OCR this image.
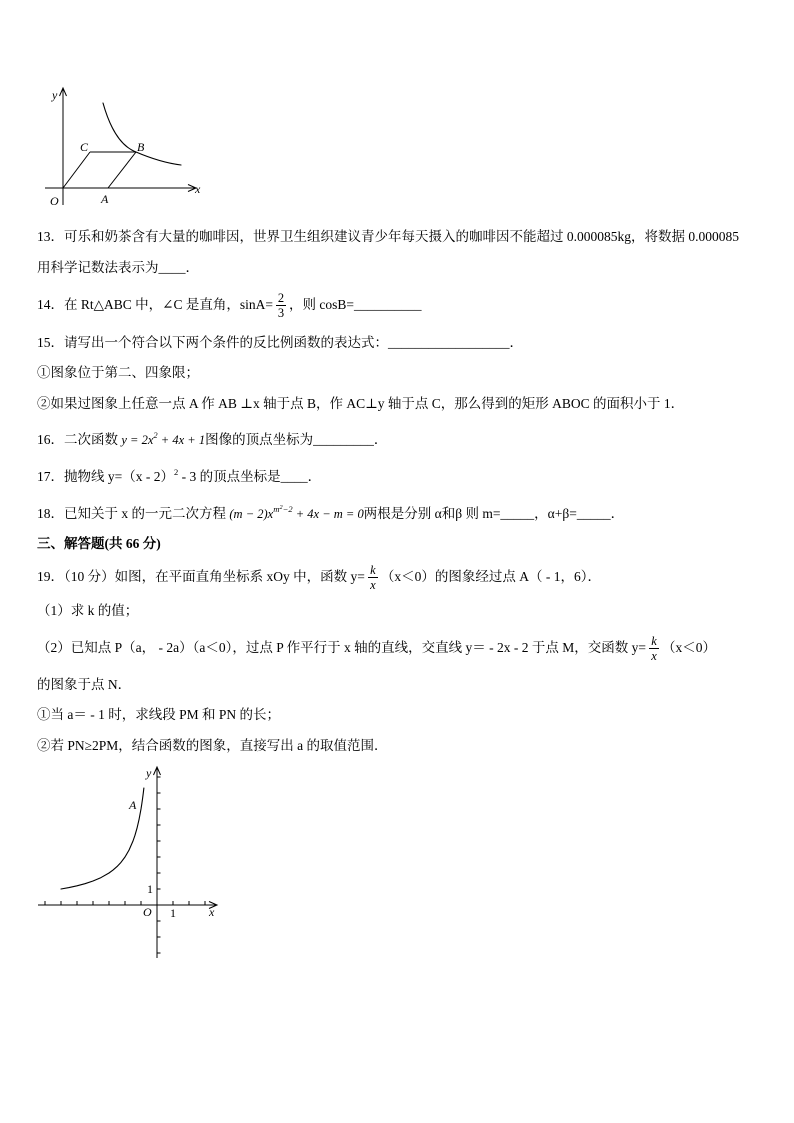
y
x
O
C	B
A
13．可乐和奶茶含有大量的咖啡因，世界卫生组织建议青少年每天摄入的咖啡因不能超过 0.000085kg，将数据 0.000085
用科学记数法表示为____．
14．在 Rt△ABC 中，∠C 是直角，$\sin A= \frac{2}{3}$ ，则 cosB=__________
15．请写出一个符合以下两个条件的反比例函数的表达式：__________________．
①图象位于第二、四象限；
②如果过图象上任意一点 A 作 AB ⊥x 轴于点 B，作 AC⊥y 轴于点 C，那么得到的矩形 ABOC 的面积小于 1．
16．二次函数 $y = 2x^2 + 4x + 1$图像的顶点坐标为_________．
17．抛物线 y=（x - 2）$^2$ - 3 的顶点坐标是____．
18．已知关于 x 的一元二次方程 $(m - 2)x^{m^2-2} + 4x - m = 0$两根是分别 α和β 则 m=_____，α+β=_____．
三、解答题(共 66 分)
19．（10 分）如图，在平面直角坐标系 xOy 中，函数 $y= \frac{k}{x} (x<0)$的图象经过点 A（ - 1，6）．
（1）求 k 的值；
（2）已知点 P（a， - 2a）（a＜0），过点 P 作平行于 x 轴的直线，交直线 y＝ - 2x - 2 于点 M，交函数 $y= \frac{k}{x} (x<0)$
的图象于点 N．
①当 a＝ - 1 时，求线段 PM 和 PN 的长；
②若 PN≥2PM，结合函数的图象，直接写出 a 的取值范围．
y
x
O 1
1
A
